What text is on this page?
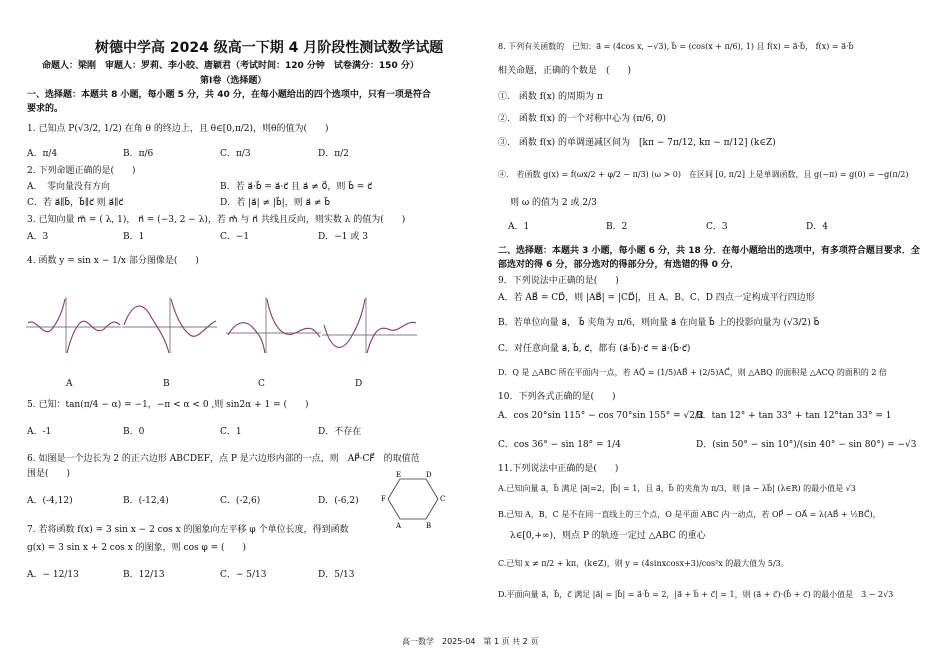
树德中学高 2024 级高一下期 4 月阶段性测试数学试题
命题人：梁刚　审题人：罗莉、李小皎、唐颖君（考试时间：120 分钟　试卷满分：150 分）
第Ⅰ卷（选择题）
一、选择题：本题共 8 小题，每小题 5 分，共 40 分，在每小题给出的四个选项中，只有一项是符合
要求的。
1. 已知点 P(√3/2, 1/2) 在角 θ 的终边上，且 θ∈[0,π/2)，则θ的值为(　　)
A．π/4	B．π/6	C．π/3	D．π/2
2. 下列命题正确的是(　　)
A．　零向量没有方向	B．若 a⃗·b⃗ = a⃗·c⃗ 且 a⃗ ≠ 0⃗，则 b⃗ = c⃗
C．若 a⃗∥b⃗，b⃗∥c⃗ 则 a⃗∥c⃗	D．若 |a⃗| ≠ |b⃗|，则 a⃗ ≠ b⃗
3. 已知向量 m⃗ = ( λ, 1)， n⃗ = (−3, 2 − λ)，若 m⃗ 与 n⃗ 共线且反向，则实数 λ 的值为(　　)
A．3	B．1	C．−1	D．−1 或 3
4. 函数 y = sin x − 1/x 部分图像是(　　)
A	B	C	D
5. 已知：tan(π/4 − α) = −1，−π < α < 0 ,则 sin2α + 1 = (　　)
A．-1	B．0	C．1	D．不存在
6. 如图是一个边长为 2 的正六边形 ABCDEF，点 P 是六边形内部的一点，则　AP⃗·CF⃗　的取值范
围是(　　)	E	D
F	C
A	B
A．(-4,12)	B．(-12,4)	C．(-2,6)	D．(-6,2)
7. 若将函数 f(x) = 3 sin x − 2 cos x 的图象向左平移 φ 个单位长度，得到函数
g(x) = 3 sin x + 2 cos x 的图象，则 cos φ = (　　)
A．− 12/13	B．12/13	C．− 5/13	D．5/13
8. 下列有关函数的　已知：a⃗ = (4cos x, −√3), b⃗ = (cos(x + π/6), 1) 且 f(x) = a⃗·b⃗， f(x) = a⃗·b⃗
相关命题，正确的个数是　(　　)
①.　函数 f(x) 的周期为 π
②.　函数 f(x) 的一个对称中心为 (π/6, 0)
③.　函数 f(x) 的单调递减区间为　[kπ − 7π/12, kπ − π/12] (k∈Z)
④.　若函数 g(x) = f(ωx/2 + φ/2 − π/3) (ω > 0)　在区间 [0, π/2] 上是单调函数，且 g(−π) = g(0) = −g(π/2)
则 ω 的值为 2 或 2/3
A．1	B．2	C．3	D．4
二、选择题：本题共 3 小题，每小题 6 分，共 18 分．在每小题给出的选项中，有多项符合题目要求．全
部选对的得 6 分，部分选对的得部分分，有选错的得 0 分．
9．下列说法中正确的是(　　)
A．若 AB⃗ = CD⃗，则 |AB⃗| = |CD⃗|，且 A、B、C、D 四点一定构成平行四边形
B．若单位向量 a⃗， b⃗ 夹角为 π/6，则向量 a⃗ 在向量 b⃗ 上的投影向量为 (√3/2) b⃗
C．对任意向量 a⃗, b⃗, c⃗，都有 (a⃗·b⃗)·c⃗ = a⃗·(b⃗·c⃗)
D．Q 是 △ABC 所在平面内一点，若 AQ⃗ = (1/5)AB⃗ + (2/5)AC⃗，则 △ABQ 的面积是 △ACQ 的面积的 2 倍
10．下列各式正确的是(　　)
A．cos 20°sin 115° − cos 70°sin 155° = √2/2
B．tan 12° + tan 33° + tan 12°tan 33° = 1
C．cos 36° − sin 18° = 1/4	D．(sin 50° − sin 10°)/(sin 40° − sin 80°) = −√3
11.下列说法中正确的是(　　)
A.已知向量 a⃗，b⃗ 满足 |a⃗|=2，|b⃗| = 1，且 a⃗，b⃗ 的夹角为 π/3，则 |a⃗ − λb⃗| (λ∈R) 的最小值是 √3
B.已知 A，B，C 是不在同一直线上的三个点，O 是平面 ABC 内一动点，若 OP⃗ − OA⃗ = λ(AB⃗ + ½BC⃗)，
λ∈[0,+∞)，则点 P 的轨迹一定过 △ABC 的重心
C.已知 x ≠ π/2 + kπ，(k∈Z)，则 y = (4sinxcosx+3)/cos²x 的最大值为 5/3。
D.平面向量 a⃗，b⃗，c⃗ 满足 |a⃗| = |b⃗| = a⃗·b⃗ = 2，|a⃗ + b⃗ + c⃗| = 1，则 (a⃗ + c⃗)·(b⃗ + c⃗) 的最小值是　3 − 2√3
高一数学　2025-04　第 1 页 共 2 页
